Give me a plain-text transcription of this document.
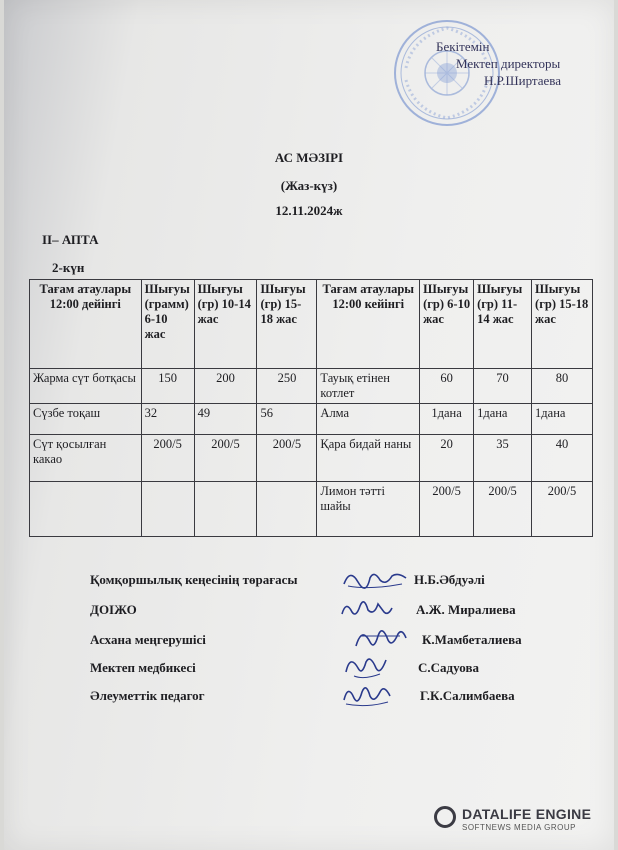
Бекітемін
Мектеп директоры
Н.Р.Ширтаева
АС МӘЗІРІ
(Жаз-күз)
12.11.2024ж
ІІ– АПТА
2-күн
Тағам атаулары 12:00 дейінгі	Шығуы (грамм) 6-10 жас	Шығуы (гр) 10-14 жас	Шығуы (гр) 15-18 жас	Тағам атаулары 12:00 кейінгі	Шығуы (гр) 6-10 жас	Шығуы (гр) 11-14 жас	Шығуы (гр) 15-18 жас
Жарма сүт ботқасы	150	200	250	Тауық етінен котлет	60	70	80
Сүзбе тоқаш	32	49	56	Алма	1дана	1дана	1дана
Сүт қосылған какао	200/5	200/5	200/5	Қара бидай наны	20	35	40
				Лимон тәтті шайы	200/5	200/5	200/5
Қомқоршылық кеңесінің төрағасы	Н.Б.Әбдуәлі
ДОІЖО	А.Ж. Миралиева
Асхана меңгерушісі	К.Мамбеталиева
Мектеп медбикесі	С.Садуова
Әлеуметтік педагог	Г.К.Салимбаева
DATALIFE ENGINE
SOFTNEWS MEDIA GROUP
